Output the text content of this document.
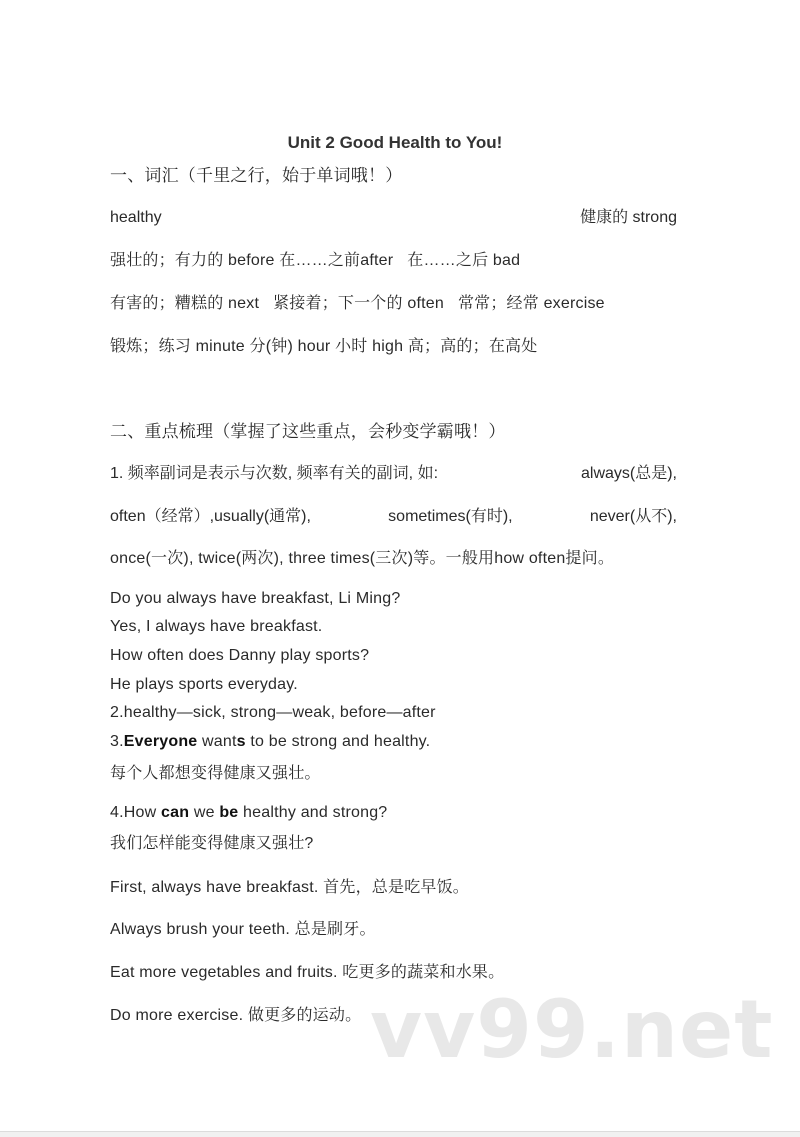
Unit 2 Good Health to You!
一、词汇（千里之行，始于单词哦！）
healthy	健康的 strong
强壮的；有力的 before 在……之前after 在……之后 bad
有害的；糟糕的 next 紧接着；下一个的 often 常常；经常 exercise
锻炼；练习 minute 分(钟) hour 小时 high 高；高的；在高处
二、重点梳理（掌握了这些重点，会秒变学霸哦！）
1. 频率副词是表示与次数, 频率有关的副词, 如:	always(总是),
often（经常）,usually(通常),	sometimes(有时),	never(从不),
once(一次), twice(两次), three times(三次)等。一般用how often提问。
Do you always have breakfast, Li Ming?
Yes, I always have breakfast.
How often does Danny play sports?
He plays sports everyday.
2.healthy—sick, strong—weak, before—after
3.Everyone wants to be strong and healthy.
每个人都想变得健康又强壮。
4.How can we be healthy and strong?
我们怎样能变得健康又强壮?
First, always have breakfast. 首先，总是吃早饭。
Always brush your teeth. 总是刷牙。
Eat more vegetables and fruits. 吃更多的蔬菜和水果。
Do more exercise. 做更多的运动。 vv99.net
